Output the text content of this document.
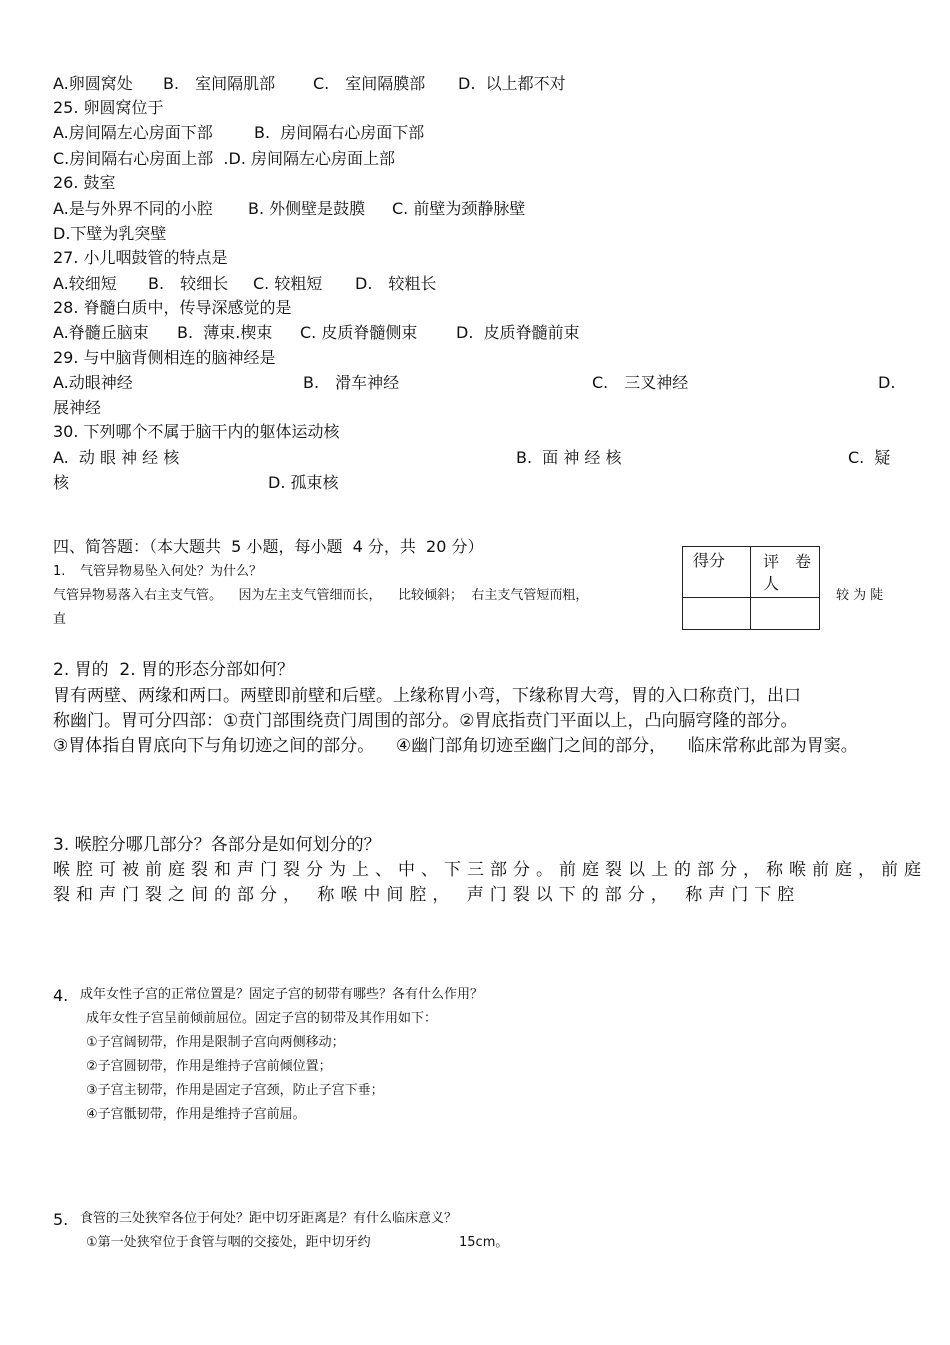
A.卵圆窝处 B.　室间隔肌部 C.　室间隔膜部 D.  以上都不对
25. 卵圆窝位于
A.房间隔左心房面下部	B.  房间隔右心房面下部
C.房间隔右心房面上部  .D. 房间隔左心房面上部
26. 鼓室
A.是与外界不同的小腔 B. 外侧壁是鼓膜 C. 前壁为颈静脉壁
D.下壁为乳突壁
27. 小儿咽鼓管的特点是
A.较细短 B.　较细长 C. 较粗短 D.　较粗长
28. 脊髓白质中，传导深感觉的是
A.脊髓丘脑束 B.  薄束.楔束 C. 皮质脊髓侧束 D.  皮质脊髓前束
29. 与中脑背侧相连的脑神经是
A.动眼神经	B.　滑车神经	C.　三叉神经	D.
展神经
30. 下列哪个不属于脑干内的躯体运动核
A.  动 眼 神 经 核	B.  面 神 经 核	C.  疑
核	D. 孤束核
四、简答题：（本大题共  5 小题，每小题  4 分，共  20 分）
得分 评　卷
人
1. 气管异物易坠入何处？为什么？
气管异物易落入右主支气管。    因为左主支气管细而长，    比较倾斜；  右主支气管短而粗，	较 为 陡
直
2. 胃的  2. 胃的形态分部如何？
胃有两壁、两缘和两口。两壁即前壁和后壁。上缘称胃小弯，下缘称胃大弯，胃的入口称贲门，出口
称幽门。胃可分四部：①贲门部围绕贲门周围的部分。②胃底指贲门平面以上，凸向膈穹隆的部分。
③胃体指自胃底向下与角切迹之间的部分。    ④幽门部角切迹至幽门之间的部分，    临床常称此部为胃窦。
3. 喉腔分哪几部分？各部分是如何划分的？
喉腔可被前庭裂和声门裂分为上、中、下三部分。前庭裂以上的部分，称喉前庭，前庭
裂和声门裂之间的部分， 称喉中间腔， 声门裂以下的部分， 称声门下腔
4. 成年女性子宫的正常位置是？固定子宫的韧带有哪些？各有什么作用？
成年女性子宫呈前倾前屈位。固定子宫的韧带及其作用如下：
①子宫阔韧带，作用是限制子宫向两侧移动；
②子宫圆韧带，作用是维持子宫前倾位置；
③子宫主韧带，作用是固定子宫颈，防止子宫下垂；
④子宫骶韧带，作用是维持子宫前屈。
5. 食管的三处狭窄各位于何处？距中切牙距离是？有什么临床意义？
①第一处狭窄位于食管与咽的交接处，距中切牙约	15cm。
